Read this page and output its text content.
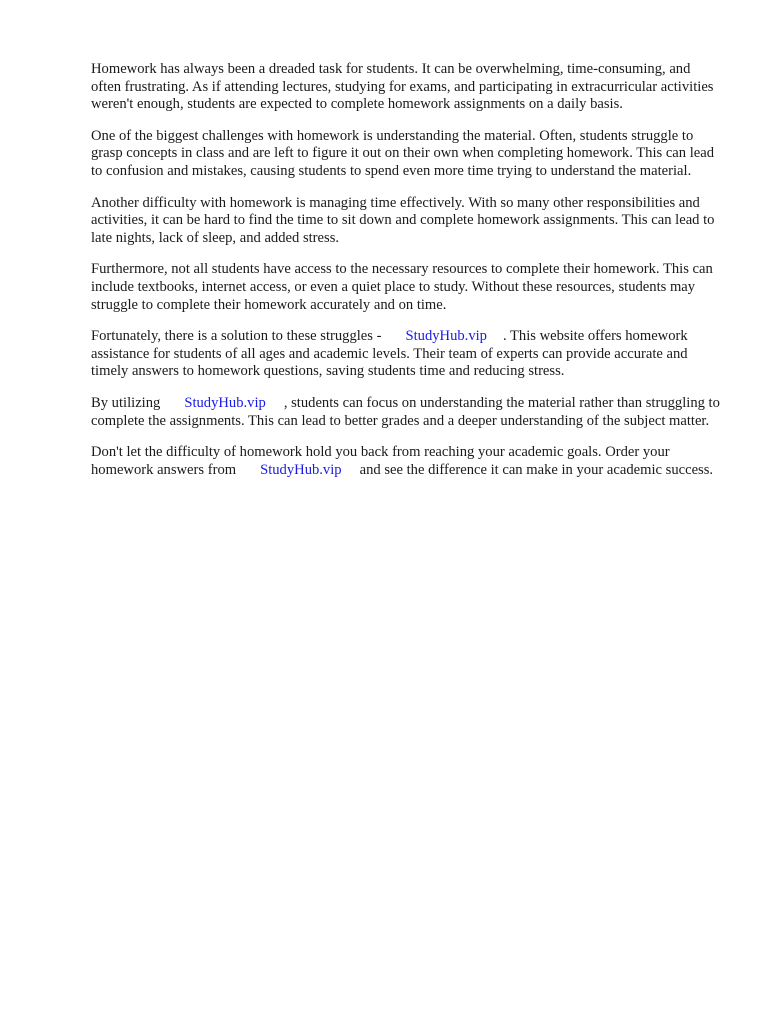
Homework has always been a dreaded task for students. It can be overwhelming, time-consuming, and often frustrating. As if attending lectures, studying for exams, and participating in extracurricular activities weren't enough, students are expected to complete homework assignments on a daily basis.

One of the biggest challenges with homework is understanding the material. Often, students struggle to grasp concepts in class and are left to figure it out on their own when completing homework. This can lead to confusion and mistakes, causing students to spend even more time trying to understand the material.

Another difficulty with homework is managing time effectively. With so many other responsibilities and activities, it can be hard to find the time to sit down and complete homework assignments. This can lead to late nights, lack of sleep, and added stress.

Furthermore, not all students have access to the necessary resources to complete their homework. This can include textbooks, internet access, or even a quiet place to study. Without these resources, students may struggle to complete their homework accurately and on time.

Fortunately, there is a solution to these struggles - StudyHub.vip . This website offers homework assistance for students of all ages and academic levels. Their team of experts can provide accurate and timely answers to homework questions, saving students time and reducing stress.

By utilizing StudyHub.vip , students can focus on understanding the material rather than struggling to complete the assignments. This can lead to better grades and a deeper understanding of the subject matter.

Don't let the difficulty of homework hold you back from reaching your academic goals. Order your homework answers from StudyHub.vip and see the difference it can make in your academic success.
